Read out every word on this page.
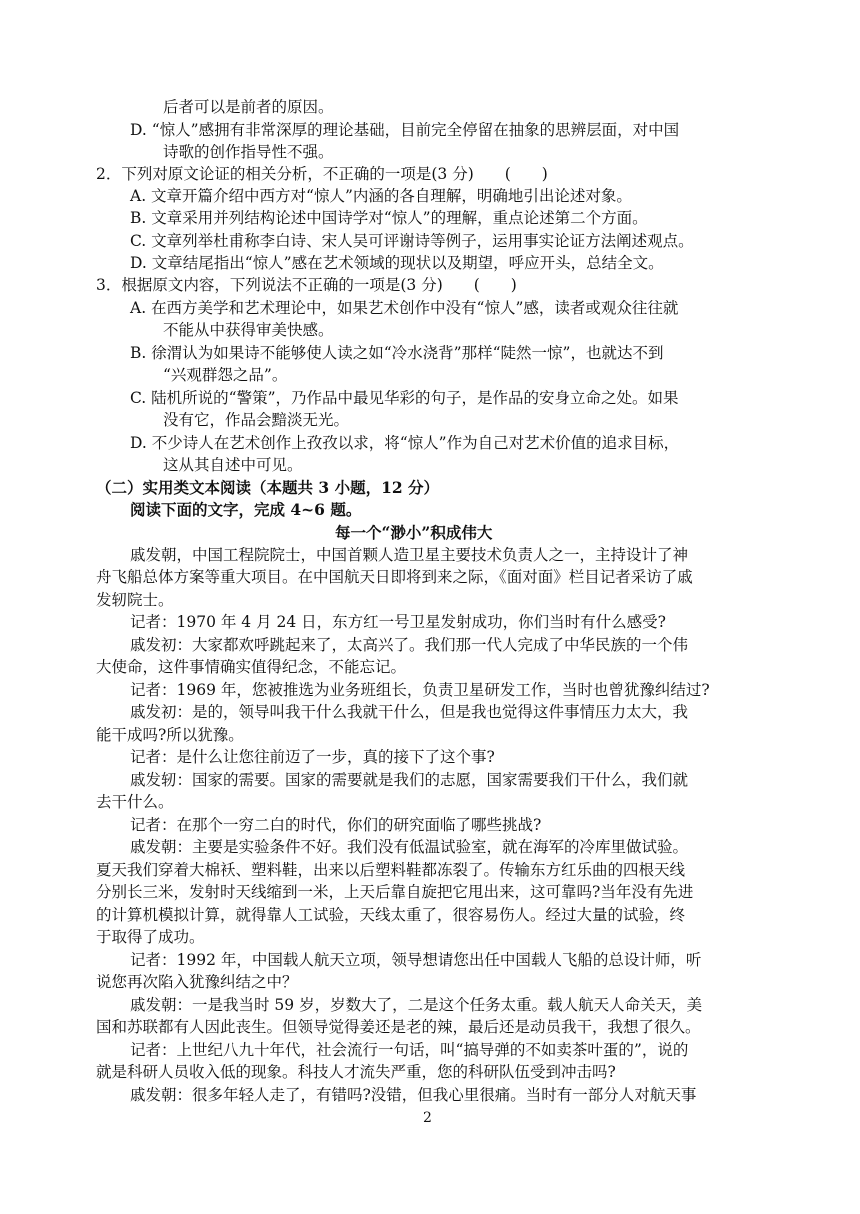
后者可以是前者的原因。
D. “惊人”感拥有非常深厚的理论基础，目前完全停留在抽象的思辨层面，对中国
诗歌的创作指导性不强。
2．下列对原文论证的相关分析，不正确的一项是(3 分)　　(　　)
A. 文章开篇介绍中西方对“惊人”内涵的各自理解，明确地引出论述对象。
B. 文章采用并列结构论述中国诗学对“惊人”的理解，重点论述第二个方面。
C. 文章列举杜甫称李白诗、宋人吴可评谢诗等例子，运用事实论证方法阐述观点。
D. 文章结尾指出“惊人”感在艺术领域的现状以及期望，呼应开头，总结全文。
3．根据原文内容，下列说法不正确的一项是(3 分)　　(　　)
A. 在西方美学和艺术理论中，如果艺术创作中没有“惊人”感，读者或观众往往就
不能从中获得审美快感。
B. 徐渭认为如果诗不能够使人读之如“冷水浇背”那样“陡然一惊”，也就达不到
“兴观群怨之品”。
C. 陆机所说的“警策”，乃作品中最见华彩的句子，是作品的安身立命之处。如果
没有它，作品会黯淡无光。
D. 不少诗人在艺术创作上孜孜以求，将“惊人”作为自己对艺术价值的追求目标，
这从其自述中可见。
（二）实用类文本阅读（本题共 3 小题，12 分）
阅读下面的文字，完成 4~6 题。
每一个“渺小”积成伟大
戚发朝，中国工程院院士，中国首颗人造卫星主要技术负责人之一，主持设计了神
舟飞船总体方案等重大项目。在中国航天日即将到来之际，《面对面》栏目记者采访了戚
发轫院士。
记者：1970 年 4 月 24 日，东方红一号卫星发射成功，你们当时有什么感受?
戚发初：大家都欢呼跳起来了，太高兴了。我们那一代人完成了中华民族的一个伟
大使命，这件事情确实值得纪念，不能忘记。
记者：1969 年，您被推选为业务班组长，负责卫星研发工作，当时也曾犹豫纠结过?
戚发初：是的，领导叫我干什么我就干什么，但是我也觉得这件事情压力太大，我
能干成吗?所以犹豫。
记者：是什么让您往前迈了一步，真的接下了这个事?
戚发轫：国家的需要。国家的需要就是我们的志愿，国家需要我们干什么，我们就
去干什么。
记者：在那个一穷二白的时代，你们的研究面临了哪些挑战?
戚发朝：主要是实验条件不好。我们没有低温试验室，就在海军的冷库里做试验。
夏天我们穿着大棉袄、塑料鞋，出来以后塑料鞋都冻裂了。传输东方红乐曲的四根天线
分别长三米，发射时天线缩到一米，上天后靠自旋把它甩出来，这可靠吗?当年没有先进
的计算机模拟计算，就得靠人工试验，天线太重了，很容易伤人。经过大量的试验，终
于取得了成功。
记者：1992 年，中国载人航天立项，领导想请您出任中国载人飞船的总设计师，听
说您再次陷入犹豫纠结之中？
戚发朝：一是我当时 59 岁，岁数大了，二是这个任务太重。载人航天人命关天，美
国和苏联都有人因此丧生。但领导觉得姜还是老的辣，最后还是动员我干，我想了很久。
记者：上世纪八九十年代，社会流行一句话，叫“搞导弹的不如卖茶叶蛋的”，说的
就是科研人员收入低的现象。科技人才流失严重，您的科研队伍受到冲击吗?
戚发朝：很多年轻人走了，有错吗?没错，但我心里很痛。当时有一部分人对航天事
2
